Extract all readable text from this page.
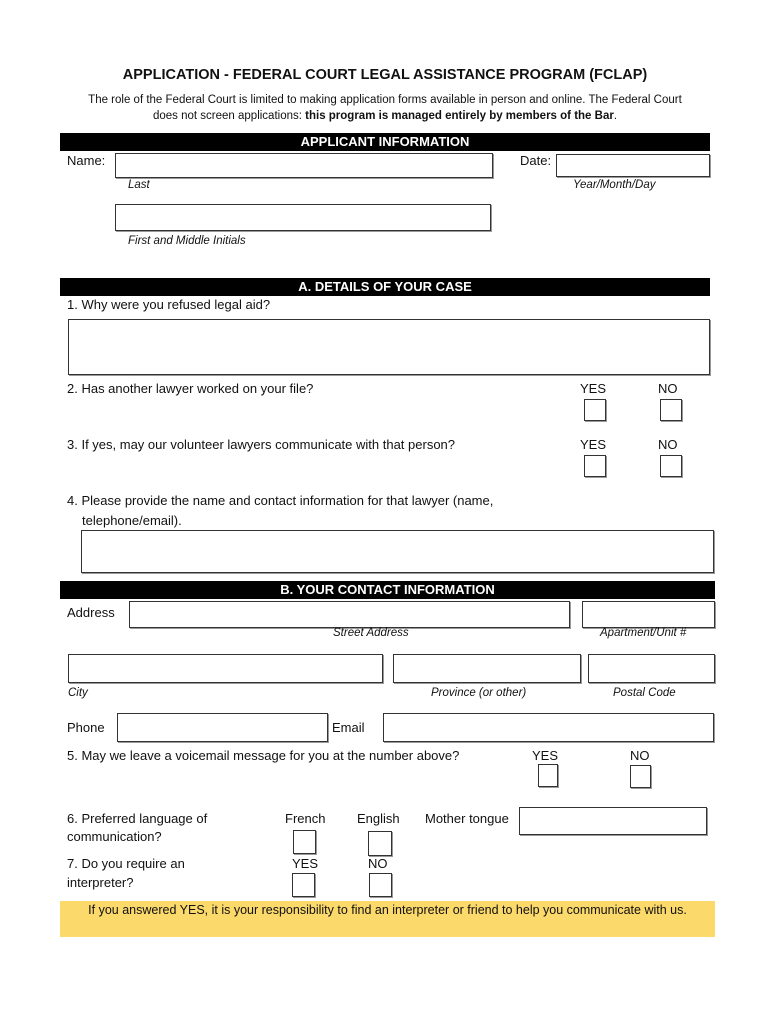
APPLICATION - FEDERAL COURT LEGAL ASSISTANCE PROGRAM (FCLAP)
The role of the Federal Court is limited to making application forms available in person and online. The Federal Court
does not screen applications: this program is managed entirely by members of the Bar.
APPLICANT INFORMATION
Name:	Date:
Last	Year/Month/Day
First and Middle Initials
A. DETAILS OF YOUR CASE
1. Why were you refused legal aid?
2. Has another lawyer worked on your file?	YES	NO
3. If yes, may our volunteer lawyers communicate with that person?	YES	NO
4. Please provide the name and contact information for that lawyer (name,
telephone/email).
B. YOUR CONTACT INFORMATION
Address
Street Address	Apartment/Unit #
City	Province (or other)	Postal Code
Phone	Email
5. May we leave a voicemail message for you at the number above?	YES	NO
6. Preferred language of
communication?
French English Mother tongue
7. Do you require an
interpreter?
YES	NO
If you answered YES, it is your responsibility to find an interpreter or friend to help you communicate with us.
